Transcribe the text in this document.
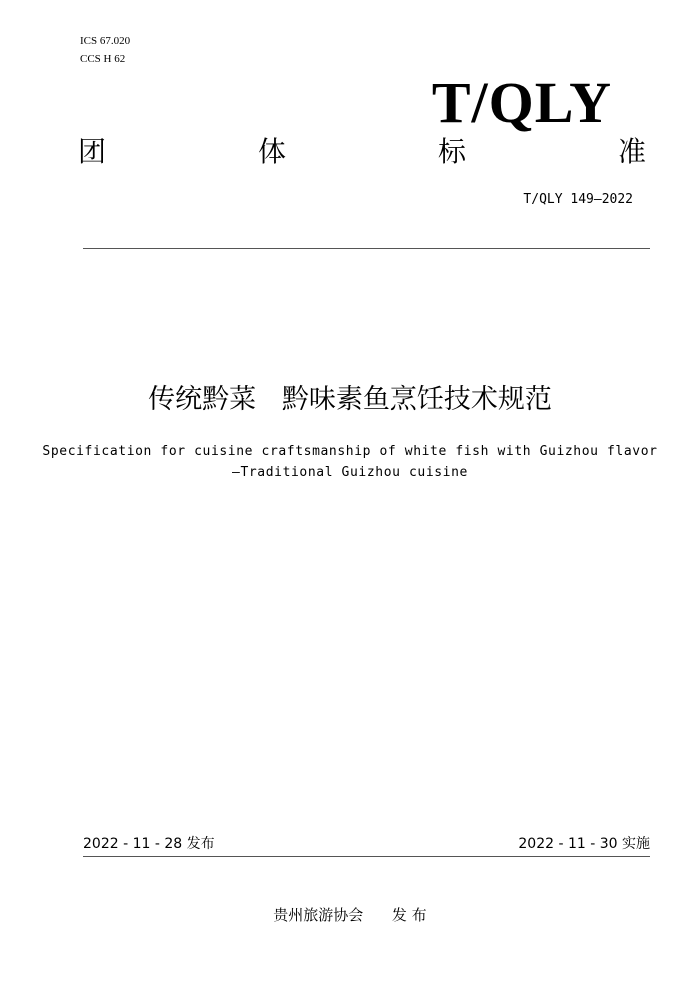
ICS 67.020
CCS H 62
T/QLY
团	体	标	准
T/QLY 149—2022
传统黔菜   黔味素鱼烹饪技术规范
Specification for cuisine craftsmanship of white fish with Guizhou flavor
—Traditional Guizhou cuisine
2022 - 11 - 28 发布	2022 - 11 - 30 实施
贵州旅游协会      发 布
